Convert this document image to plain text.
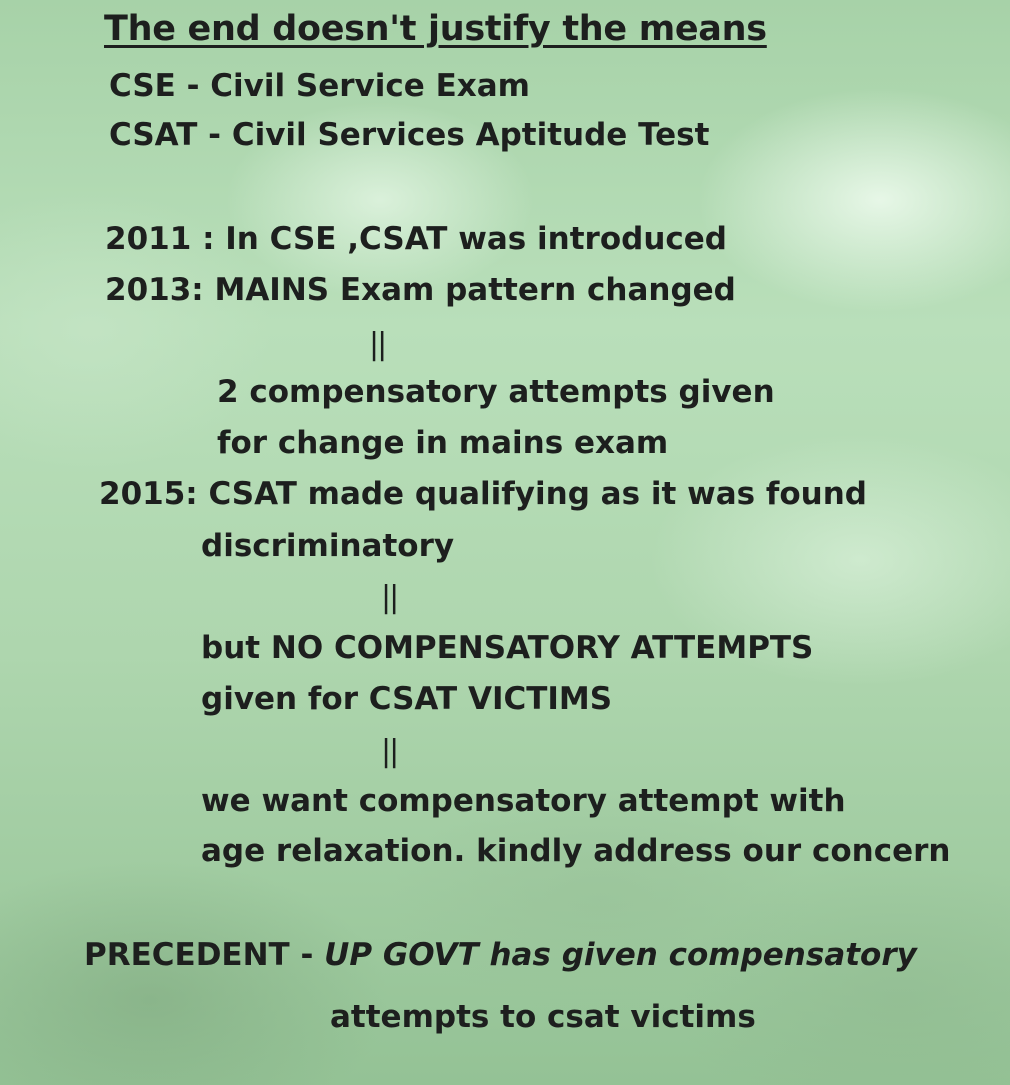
The end doesn't justify the means

CSE - Civil Service Exam

CSAT - Civil Services Aptitude Test

2011 : In CSE ,CSAT was introduced

2013: MAINS Exam pattern changed

||

2 compensatory attempts given

for change in mains exam

2015: CSAT made qualifying as it was found

discriminatory

||

but NO COMPENSATORY ATTEMPTS

given for CSAT VICTIMS

||

we want compensatory attempt with

age relaxation. kindly address our concern

PRECEDENT - UP GOVT has given compensatory

attempts to csat victims
